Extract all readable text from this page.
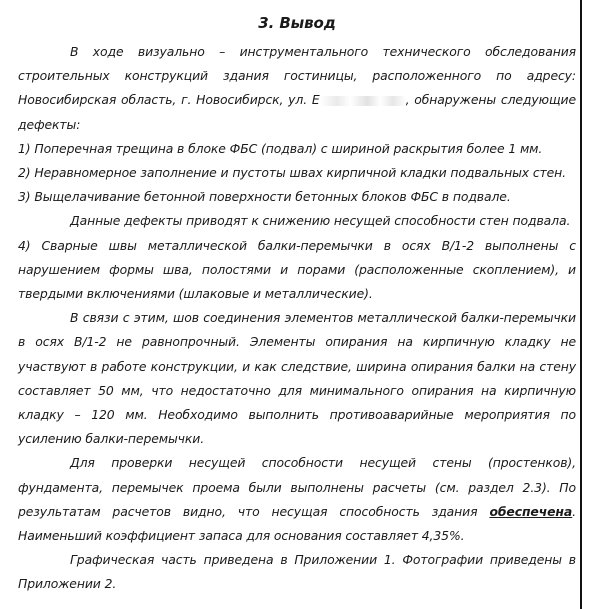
3. Вывод

В ходе визуально – инструментального технического обследования строительных конструкций здания гостиницы, расположенного по адресу: Новосибирская область, г. Новосибирск, ул. Е	, обнаружены следующие дефекты:

1) Поперечная трещина в блоке ФБС (подвал) с шириной раскрытия более 1 мм.

2) Неравномерное заполнение и пустоты швах кирпичной кладки подвальных стен.

3) Выщелачивание бетонной поверхности бетонных блоков ФБС в подвале.

Данные дефекты приводят к снижению несущей способности стен подвала.

4) Сварные швы металлической балки-перемычки в осях В/1-2 выполнены с нарушением формы шва, полостями и порами (расположенные скоплением), и твердыми включениями (шлаковые и металлические).

В связи с этим, шов соединения элементов металлической балки-перемычки в осях В/1-2 не равнопрочный. Элементы опирания на кирпичную кладку не участвуют в работе конструкции, и как следствие, ширина опирания балки на стену составляет 50 мм, что недостаточно для минимального опирания на кирпичную кладку – 120 мм. Необходимо выполнить противоаварийные мероприятия по усилению балки-перемычки.

Для проверки несущей способности несущей стены (простенков), фундамента, перемычек проема были выполнены расчеты (см. раздел 2.3). По результатам расчетов видно, что несущая способность здания обеспечена. Наименьший коэффициент запаса для основания составляет 4,35%.

Графическая часть приведена в Приложении 1. Фотографии приведены в Приложении 2.
